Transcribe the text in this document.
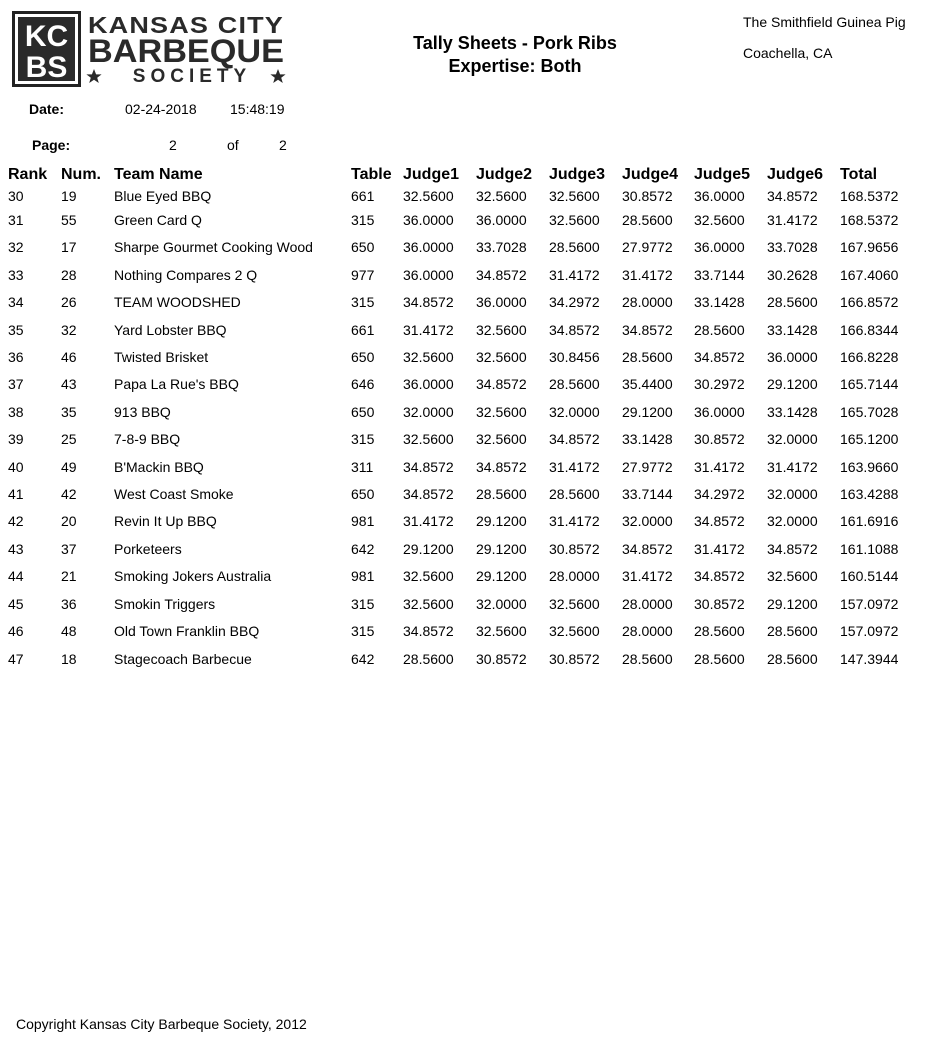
KC
BS
KANSAS CITY
BARBEQUE
SOCIETY
Tally Sheets - Pork Ribs
Expertise: Both
The Smithfield Guinea Pig
Coachella, CA
Date:	02-24-2018 15:48:19
Page:	2	of	2
Rank	Num.	Team Name	Table	Judge1	Judge2	Judge3	Judge4	Judge5	Judge6	Total
30	19	Blue Eyed BBQ	661	32.5600	32.5600	32.5600	30.8572	36.0000	34.8572	168.5372
31	55	Green Card Q	315	36.0000	36.0000	32.5600	28.5600	32.5600	31.4172	168.5372
32	17	Sharpe Gourmet Cooking Wood	650	36.0000	33.7028	28.5600	27.9772	36.0000	33.7028	167.9656
33	28	Nothing Compares 2 Q	977	36.0000	34.8572	31.4172	31.4172	33.7144	30.2628	167.4060
34	26	TEAM WOODSHED	315	34.8572	36.0000	34.2972	28.0000	33.1428	28.5600	166.8572
35	32	Yard Lobster BBQ	661	31.4172	32.5600	34.8572	34.8572	28.5600	33.1428	166.8344
36	46	Twisted Brisket	650	32.5600	32.5600	30.8456	28.5600	34.8572	36.0000	166.8228
37	43	Papa La Rue's BBQ	646	36.0000	34.8572	28.5600	35.4400	30.2972	29.1200	165.7144
38	35	913 BBQ	650	32.0000	32.5600	32.0000	29.1200	36.0000	33.1428	165.7028
39	25	7-8-9 BBQ	315	32.5600	32.5600	34.8572	33.1428	30.8572	32.0000	165.1200
40	49	B'Mackin BBQ	311	34.8572	34.8572	31.4172	27.9772	31.4172	31.4172	163.9660
41	42	West Coast Smoke	650	34.8572	28.5600	28.5600	33.7144	34.2972	32.0000	163.4288
42	20	Revin It Up BBQ	981	31.4172	29.1200	31.4172	32.0000	34.8572	32.0000	161.6916
43	37	Porketeers	642	29.1200	29.1200	30.8572	34.8572	31.4172	34.8572	161.1088
44	21	Smoking Jokers Australia	981	32.5600	29.1200	28.0000	31.4172	34.8572	32.5600	160.5144
45	36	Smokin Triggers	315	32.5600	32.0000	32.5600	28.0000	30.8572	29.1200	157.0972
46	48	Old Town Franklin BBQ	315	34.8572	32.5600	32.5600	28.0000	28.5600	28.5600	157.0972
47	18	Stagecoach Barbecue	642	28.5600	30.8572	30.8572	28.5600	28.5600	28.5600	147.3944
Copyright Kansas City Barbeque Society, 2012
